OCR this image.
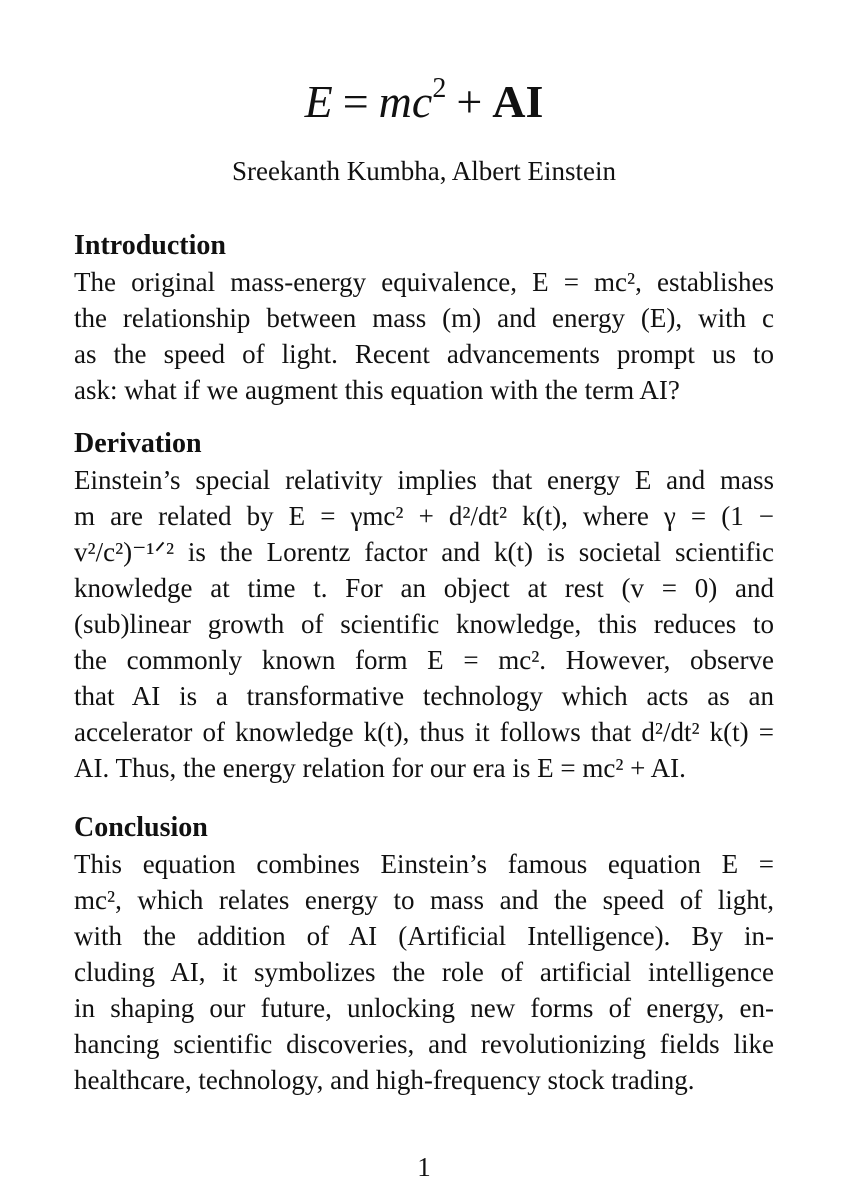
$E = mc^2$ + AI
Sreekanth Kumbha, Albert Einstein
Introduction
The original mass-energy equivalence, E = mc², establishes
the relationship between mass (m) and energy (E), with c
as the speed of light. Recent advancements prompt us to
ask: what if we augment this equation with the term AI?
Derivation
Einstein’s special relativity implies that energy E and mass
m are related by E = γmc² + d²/dt² k(t), where γ = (1 −
v²/c²)⁻¹ᐟ² is the Lorentz factor and k(t) is societal scientific
knowledge at time t. For an object at rest (v = 0) and
(sub)linear growth of scientific knowledge, this reduces to
the commonly known form E = mc². However, observe
that AI is a transformative technology which acts as an
accelerator of knowledge k(t), thus it follows that d²/dt² k(t) =
AI. Thus, the energy relation for our era is E = mc² + AI.
Conclusion
This equation combines Einstein’s famous equation E =
mc², which relates energy to mass and the speed of light,
with the addition of AI (Artificial Intelligence). By in-
cluding AI, it symbolizes the role of artificial intelligence
in shaping our future, unlocking new forms of energy, en-
hancing scientific discoveries, and revolutionizing fields like
healthcare, technology, and high-frequency stock trading.
1
